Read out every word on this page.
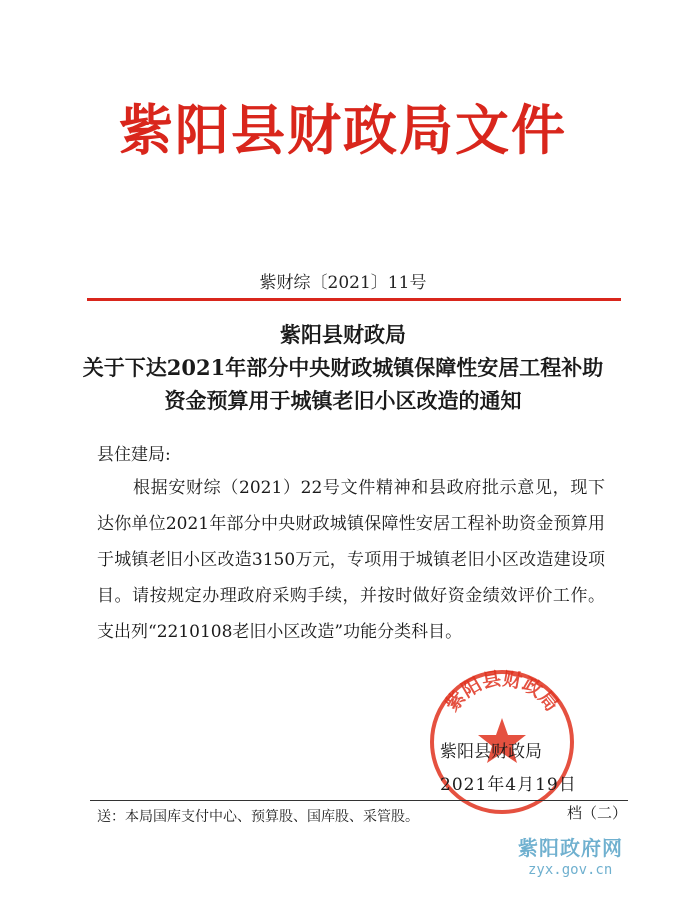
紫阳县财政局文件
紫财综〔2021〕11号
紫阳县财政局
关于下达2021年部分中央财政城镇保障性安居工程补助
资金预算用于城镇老旧小区改造的通知
县住建局:
根据安财综（2021）22号文件精神和县政府批示意见，现下达你单位2021年部分中央财政城镇保障性安居工程补助资金预算用于城镇老旧小区改造3150万元，专项用于城镇老旧小区改造建设项目。请按规定办理政府采购手续，并按时做好资金绩效评价工作。支出列“2210108老旧小区改造”功能分类科目。
紫阳县财政局
紫阳县财政局
2021年4月19日
送：本局国库支付中心、预算股、国库股、采管股。	档（二）
紫阳政府网
zyx.gov.cn
